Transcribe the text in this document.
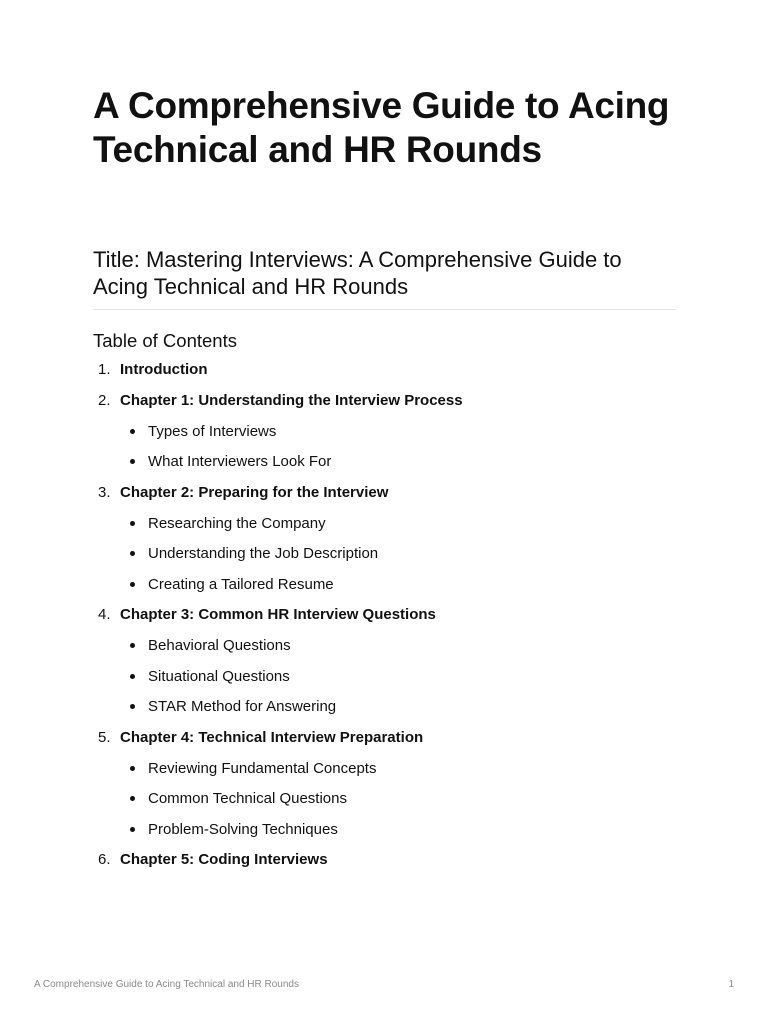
A Comprehensive Guide to Acing Technical and HR Rounds
Title: Mastering Interviews: A Comprehensive Guide to Acing Technical and HR Rounds
Table of Contents
1. Introduction
2. Chapter 1: Understanding the Interview Process
Types of Interviews
What Interviewers Look For
3. Chapter 2: Preparing for the Interview
Researching the Company
Understanding the Job Description
Creating a Tailored Resume
4. Chapter 3: Common HR Interview Questions
Behavioral Questions
Situational Questions
STAR Method for Answering
5. Chapter 4: Technical Interview Preparation
Reviewing Fundamental Concepts
Common Technical Questions
Problem-Solving Techniques
6. Chapter 5: Coding Interviews
A Comprehensive Guide to Acing Technical and HR Rounds	1
